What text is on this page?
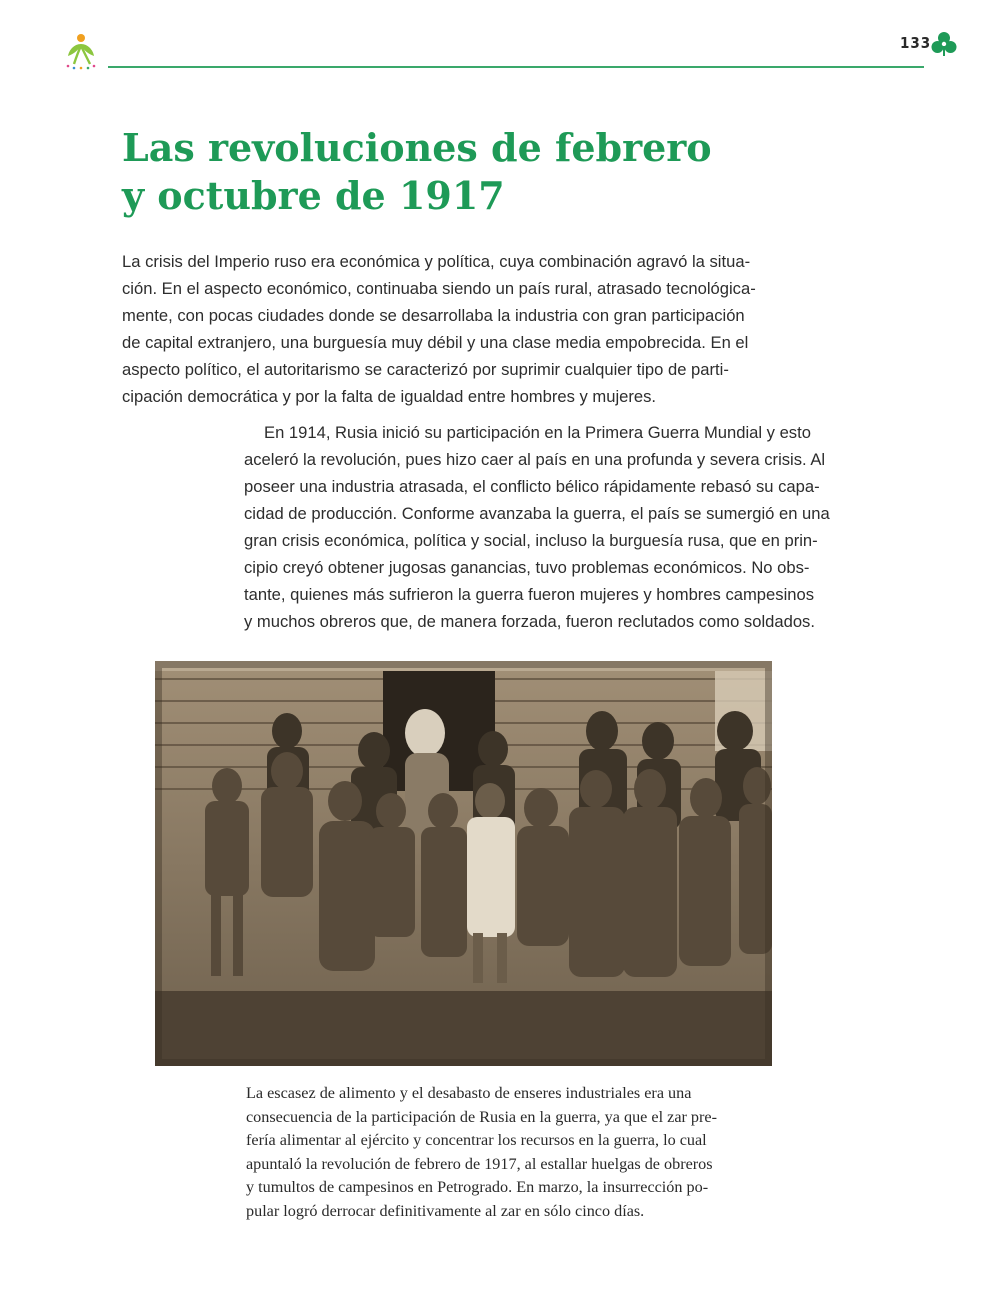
133
Las revoluciones de febrero
y octubre de 1917
La crisis del Imperio ruso era económica y política, cuya combinación agravó la situa-
ción. En el aspecto económico, continuaba siendo un país rural, atrasado tecnológica-
mente, con pocas ciudades donde se desarrollaba la industria con gran participación
de capital extranjero, una burguesía muy débil y una clase media empobrecida. En el
aspecto político, el autoritarismo se caracterizó por suprimir cualquier tipo de parti-
cipación democrática y por la falta de igualdad entre hombres y mujeres.
En 1914, Rusia inició su participación en la Primera Guerra Mundial y esto
aceleró la revolución, pues hizo caer al país en una profunda y severa crisis. Al
poseer una industria atrasada, el conflicto bélico rápidamente rebasó su capa-
cidad de producción. Conforme avanzaba la guerra, el país se sumergió en una
gran crisis económica, política y social, incluso la burguesía rusa, que en prin-
cipio creyó obtener jugosas ganancias, tuvo problemas económicos. No obs-
tante, quienes más sufrieron la guerra fueron mujeres y hombres campesinos
y muchos obreros que, de manera forzada, fueron reclutados como soldados.
La escasez de alimento y el desabasto de enseres industriales era una
consecuencia de la participación de Rusia en la guerra, ya que el zar pre-
fería alimentar al ejército y concentrar los recursos en la guerra, lo cual
apuntaló la revolución de febrero de 1917, al estallar huelgas de obreros
y tumultos de campesinos en Petrogrado. En marzo, la insurrección po-
pular logró derrocar definitivamente al zar en sólo cinco días.
